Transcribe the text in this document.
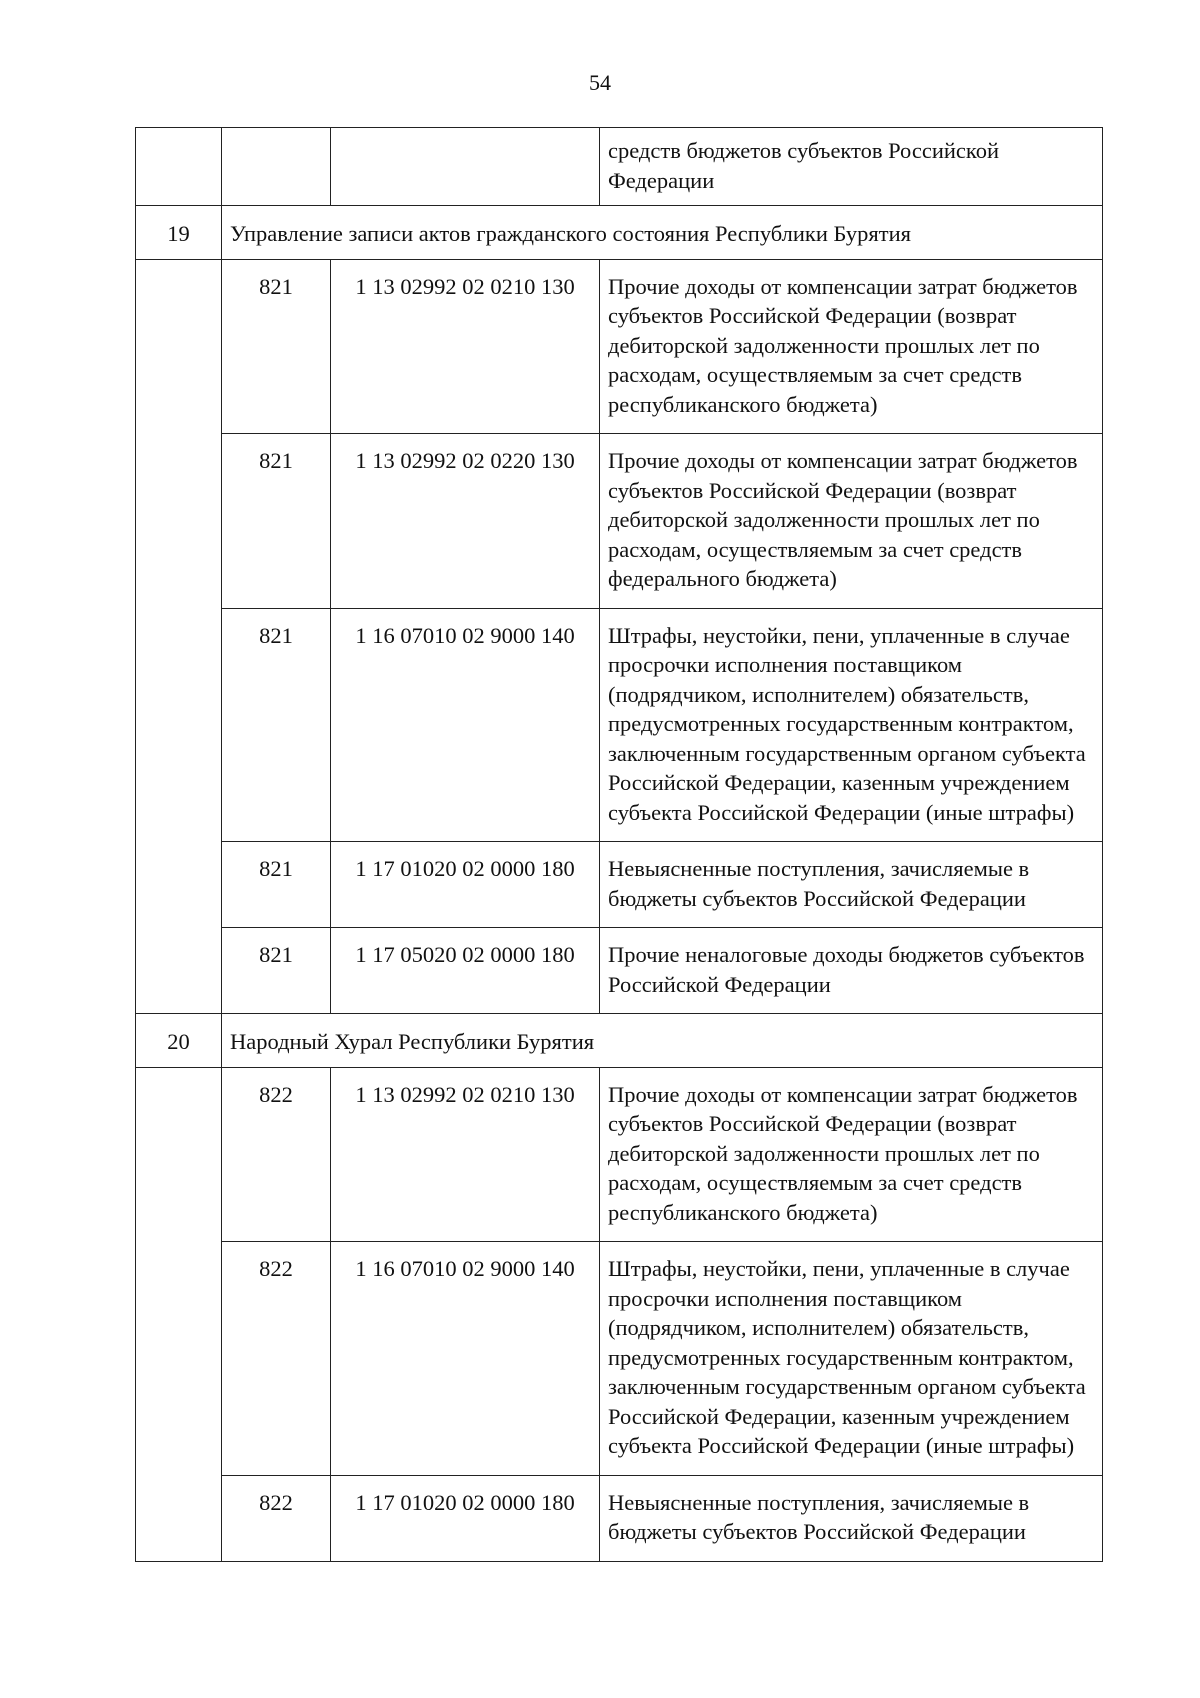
54
			средств бюджетов субъектов Российской Федерации
19	Управление записи актов гражданского состояния Республики Бурятия		
	821	1 13 02992 02 0210 130	Прочие доходы от компенсации затрат бюджетов субъектов Российской Федерации (возврат дебиторской задолженности прошлых лет по расходам, осуществляемым за счет средств республиканского бюджета)
	821	1 13 02992 02 0220 130	Прочие доходы от компенсации затрат бюджетов субъектов Российской Федерации (возврат дебиторской задолженности прошлых лет по расходам, осуществляемым за счет средств федерального бюджета)
	821	1 16 07010 02 9000 140	Штрафы, неустойки, пени, уплаченные в случае просрочки исполнения поставщиком (подрядчиком, исполнителем) обязательств, предусмотренных государственным контрактом, заключенным государственным органом субъекта Российской Федерации, казенным учреждением субъекта Российской Федерации (иные штрафы)
	821	1 17 01020 02 0000 180	Невыясненные поступления, зачисляемые в бюджеты субъектов Российской Федерации
	821	1 17 05020 02 0000 180	Прочие неналоговые доходы бюджетов субъектов Российской Федерации
20	Народный Хурал Республики Бурятия		
	822	1 13 02992 02 0210 130	Прочие доходы от компенсации затрат бюджетов субъектов Российской Федерации (возврат дебиторской задолженности прошлых лет по расходам, осуществляемым за счет средств республиканского бюджета)
	822	1 16 07010 02 9000 140	Штрафы, неустойки, пени, уплаченные в случае просрочки исполнения поставщиком (подрядчиком, исполнителем) обязательств, предусмотренных государственным контрактом, заключенным государственным органом субъекта Российской Федерации, казенным учреждением субъекта Российской Федерации (иные штрафы)
	822	1 17 01020 02 0000 180	Невыясненные поступления, зачисляемые в бюджеты субъектов Российской Федерации
